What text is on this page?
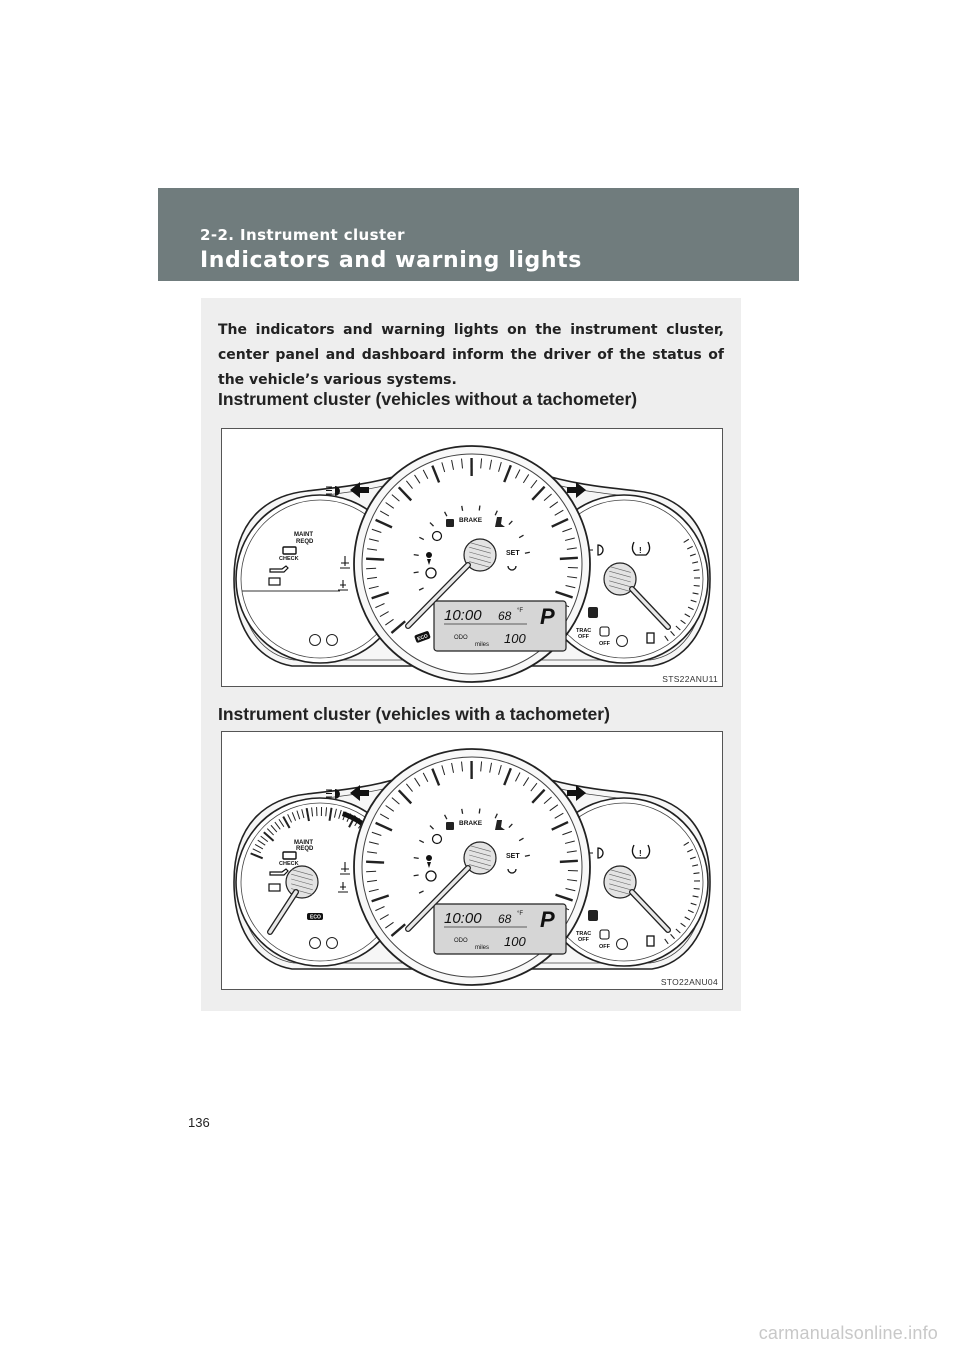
2-2. Instrument cluster
Indicators and warning lights

The indicators and warning lights on the instrument cluster, center panel and dashboard inform the driver of the status of the vehicle’s various systems.

Instrument cluster (vehicles without a tachometer)

MAINT
REQD
CHECK
!
TRAC
OFF
OFF
BRAKE
SET
10:00 68 °F P
ODO
miles 100
ECO
STS22ANU11

Instrument cluster (vehicles with a tachometer)

MAINT
REQD
CHECK
ECO
!
TRAC
OFF
OFF
BRAKE
SET
10:00 68 °F P
ODO
miles 100
STO22ANU04
136
carmanualsonline.info
